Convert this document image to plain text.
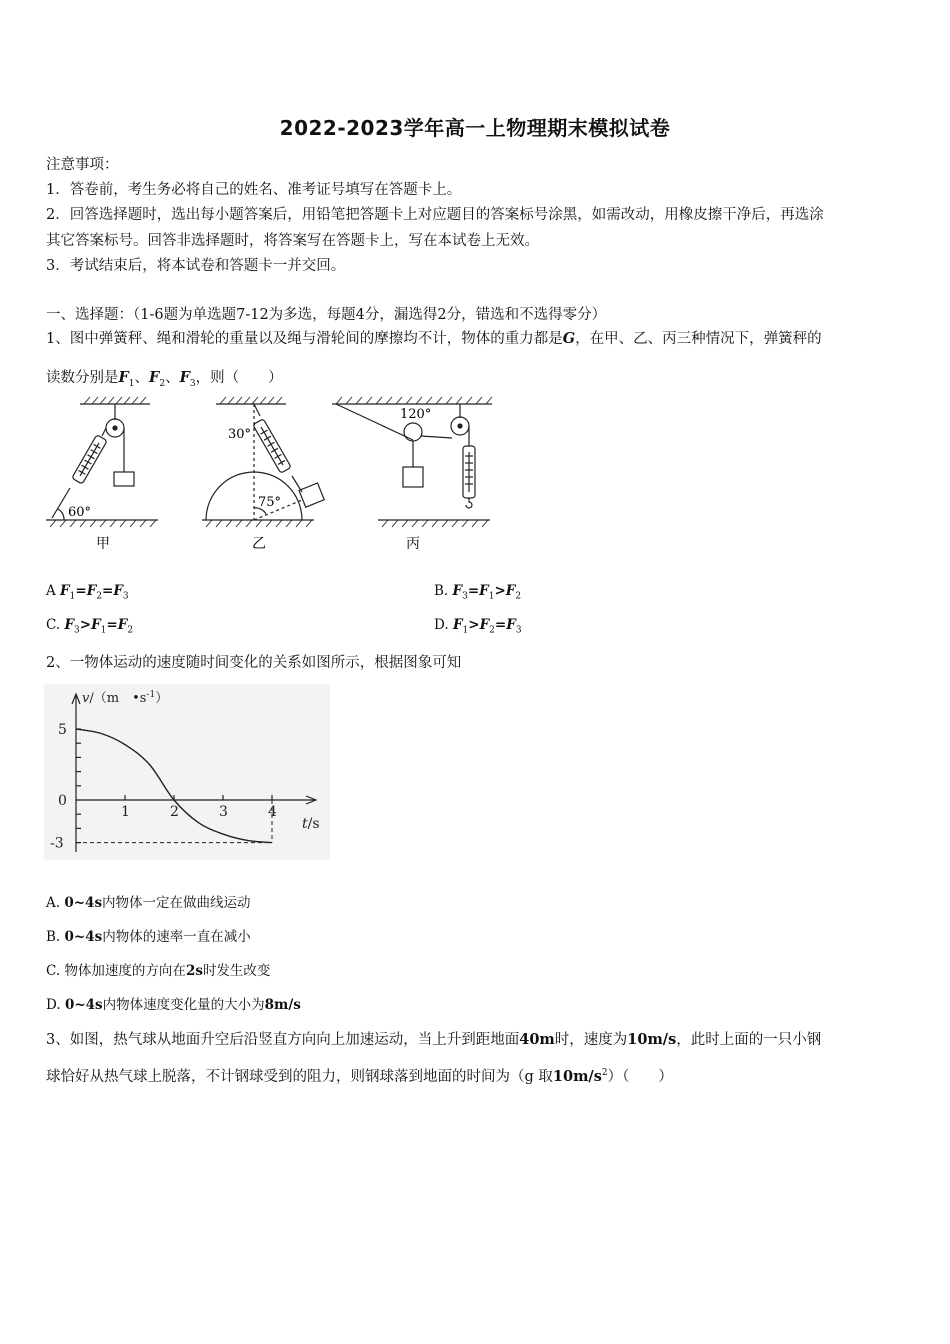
2022-2023学年高一上物理期末模拟试卷
注意事项：
1．答卷前，考生务必将自己的姓名、准考证号填写在答题卡上。
2．回答选择题时，选出每小题答案后，用铅笔把答题卡上对应题目的答案标号涂黑，如需改动，用橡皮擦干净后，再选涂
其它答案标号。回答非选择题时，将答案写在答题卡上，写在本试卷上无效。
3．考试结束后，将本试卷和答题卡一并交回。
一、选择题：（1-6题为单选题7-12为多选，每题4分，漏选得2分，错选和不选得零分）
1、图中弹簧秤、绳和滑轮的重量以及绳与滑轮间的摩擦均不计，物体的重力都是G，在甲、乙、丙三种情况下，弹簧秤的
读数分别是$F_1$、$F_2$、$F_3$，则（　　）
60°
30°
75°
120°
甲	乙	丙
A $F_1=F_2=F_3$	B. $F_3=F_1>F_2$
C. $F_3>F_1=F_2$	D. $F_1>F_2=F_3$
2、一物体运动的速度随时间变化的关系如图所示，根据图象可知
1	2	3	4
5
0
-3
v/（m　$•s^{-1}$）
t/s
A. 0~4s内物体一定在做曲线运动
B. 0~4s内物体的速率一直在减小
C. 物体加速度的方向在2s时发生改变
D. 0~4s内物体速度变化量的大小为8m/s
3、如图，热气球从地面升空后沿竖直方向向上加速运动，当上升到距地面40m时，速度为10m/s，此时上面的一只小钢
球恰好从热气球上脱落，不计钢球受到的阻力，则钢球落到地面的时间为（g 取$10m/s^2$）（　　）
